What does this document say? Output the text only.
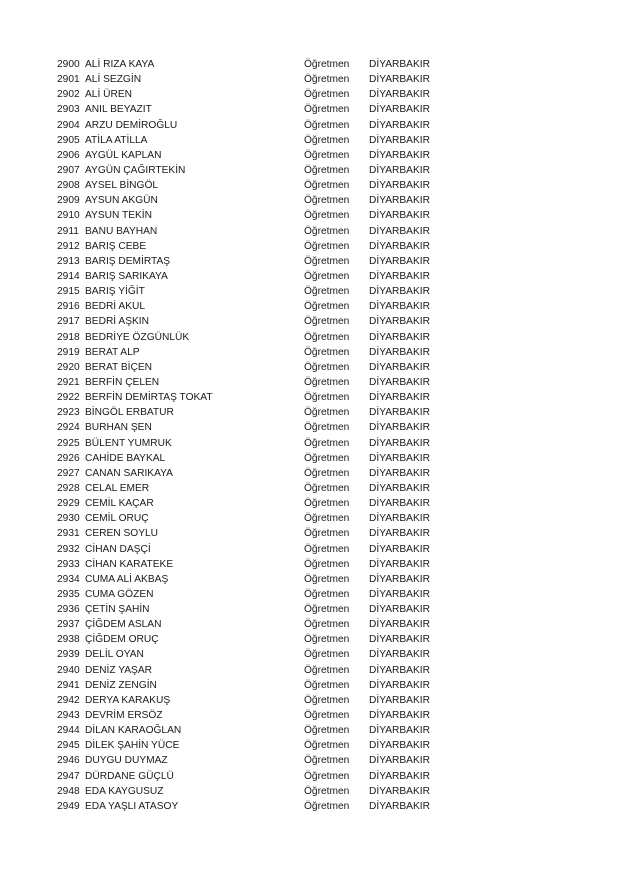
2900 ALİ RIZA KAYA	Öğretmen DİYARBAKIR
2901 ALİ SEZGİN	Öğretmen DİYARBAKIR
2902 ALİ ÜREN	Öğretmen DİYARBAKIR
2903 ANIL BEYAZIT	Öğretmen DİYARBAKIR
2904 ARZU DEMİROĞLU	Öğretmen DİYARBAKIR
2905 ATİLA ATİLLA	Öğretmen DİYARBAKIR
2906 AYGÜL KAPLAN	Öğretmen DİYARBAKIR
2907 AYGÜN ÇAĞIRTEKİN	Öğretmen DİYARBAKIR
2908 AYSEL BİNGÖL	Öğretmen DİYARBAKIR
2909 AYSUN AKGÜN	Öğretmen DİYARBAKIR
2910 AYSUN TEKİN	Öğretmen DİYARBAKIR
2911 BANU BAYHAN	Öğretmen DİYARBAKIR
2912 BARIŞ CEBE	Öğretmen DİYARBAKIR
2913 BARIŞ DEMİRTAŞ	Öğretmen DİYARBAKIR
2914 BARIŞ SARIKAYA	Öğretmen DİYARBAKIR
2915 BARIŞ YİĞİT	Öğretmen DİYARBAKIR
2916 BEDRİ AKUL	Öğretmen DİYARBAKIR
2917 BEDRİ AŞKIN	Öğretmen DİYARBAKIR
2918 BEDRİYE ÖZGÜNLÜK	Öğretmen DİYARBAKIR
2919 BERAT ALP	Öğretmen DİYARBAKIR
2920 BERAT BİÇEN	Öğretmen DİYARBAKIR
2921 BERFİN ÇELEN	Öğretmen DİYARBAKIR
2922 BERFİN DEMİRTAŞ TOKAT	Öğretmen DİYARBAKIR
2923 BİNGÖL ERBATUR	Öğretmen DİYARBAKIR
2924 BURHAN ŞEN	Öğretmen DİYARBAKIR
2925 BÜLENT YUMRUK	Öğretmen DİYARBAKIR
2926 CAHİDE BAYKAL	Öğretmen DİYARBAKIR
2927 CANAN SARIKAYA	Öğretmen DİYARBAKIR
2928 CELAL EMER	Öğretmen DİYARBAKIR
2929 CEMİL KAÇAR	Öğretmen DİYARBAKIR
2930 CEMİL ORUÇ	Öğretmen DİYARBAKIR
2931 CEREN SOYLU	Öğretmen DİYARBAKIR
2932 CİHAN DAŞÇİ	Öğretmen DİYARBAKIR
2933 CİHAN KARATEKE	Öğretmen DİYARBAKIR
2934 CUMA ALİ AKBAŞ	Öğretmen DİYARBAKIR
2935 CUMA GÖZEN	Öğretmen DİYARBAKIR
2936 ÇETİN ŞAHİN	Öğretmen DİYARBAKIR
2937 ÇİĞDEM ASLAN	Öğretmen DİYARBAKIR
2938 ÇİĞDEM ORUÇ	Öğretmen DİYARBAKIR
2939 DELİL OYAN	Öğretmen DİYARBAKIR
2940 DENİZ YAŞAR	Öğretmen DİYARBAKIR
2941 DENİZ ZENGİN	Öğretmen DİYARBAKIR
2942 DERYA KARAKUŞ	Öğretmen DİYARBAKIR
2943 DEVRİM ERSÖZ	Öğretmen DİYARBAKIR
2944 DİLAN KARAOĞLAN	Öğretmen DİYARBAKIR
2945 DİLEK ŞAHİN YÜCE	Öğretmen DİYARBAKIR
2946 DUYGU DUYMAZ	Öğretmen DİYARBAKIR
2947 DÜRDANE GÜÇLÜ	Öğretmen DİYARBAKIR
2948 EDA KAYGUSUZ	Öğretmen DİYARBAKIR
2949 EDA YAŞLI ATASOY	Öğretmen DİYARBAKIR
